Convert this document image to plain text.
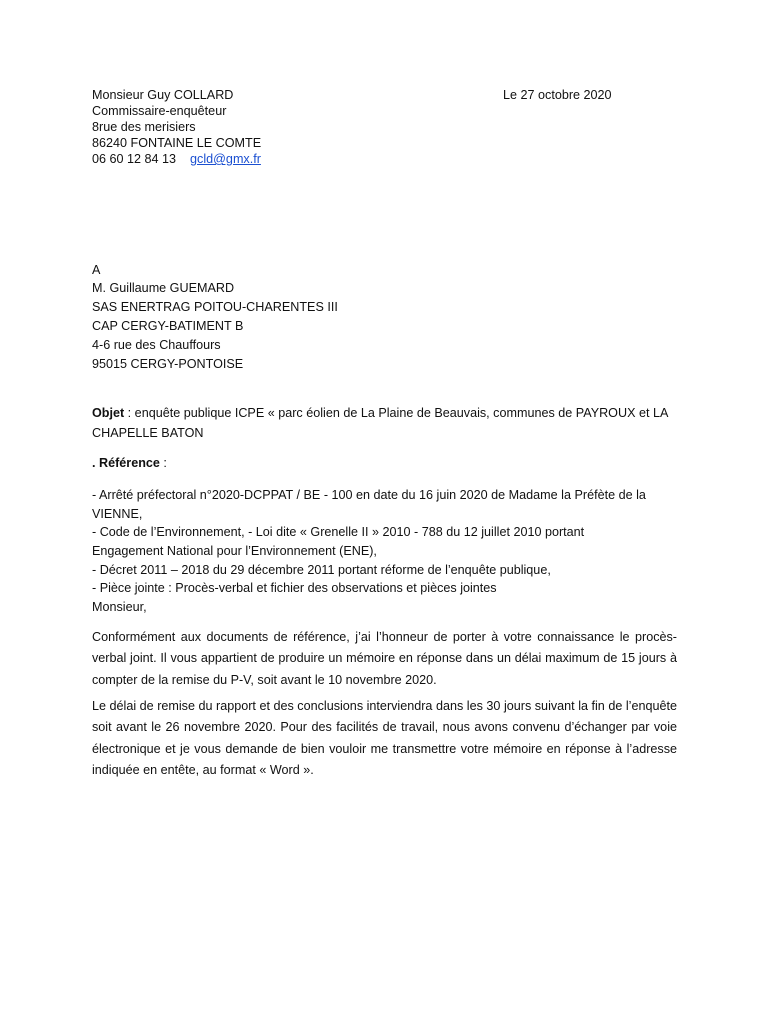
Monsieur Guy COLLARD
Commissaire-enquêteur
8rue des merisiers
86240 FONTAINE LE COMTE
06 60 12 84 13 gcld@gmx.fr
Le 27 octobre 2020
A
M. Guillaume GUEMARD
SAS ENERTRAG POITOU-CHARENTES III
CAP CERGY-BATIMENT B
4-6 rue des Chauffours
95015 CERGY-PONTOISE
Objet : enquête publique ICPE « parc éolien de La Plaine de Beauvais, communes de PAYROUX et LA
CHAPELLE BATON
. Référence :
- Arrêté préfectoral n°2020-DCPPAT / BE - 100 en date du 16 juin 2020 de Madame la Préfète de la
VIENNE,
- Code de l’Environnement, - Loi dite « Grenelle II » 2010 - 788 du 12 juillet 2010 portant
Engagement National pour l’Environnement (ENE),
- Décret 2011 – 2018 du 29 décembre 2011 portant réforme de l’enquête publique,
- Pièce jointe : Procès-verbal et fichier des observations et pièces jointes
Monsieur,
Conformément aux documents de référence, j’ai l’honneur de porter à votre connaissance le procès-verbal joint. Il vous appartient de produire un mémoire en réponse dans un délai maximum de 15 jours à compter de la remise du P-V, soit avant le 10 novembre 2020.
Le délai de remise du rapport et des conclusions interviendra dans les 30 jours suivant la fin de l’enquête soit avant le 26 novembre 2020. Pour des facilités de travail, nous avons convenu d’échanger par voie électronique et je vous demande de bien vouloir me transmettre votre mémoire en réponse à l’adresse indiquée en entête, au format « Word ».
